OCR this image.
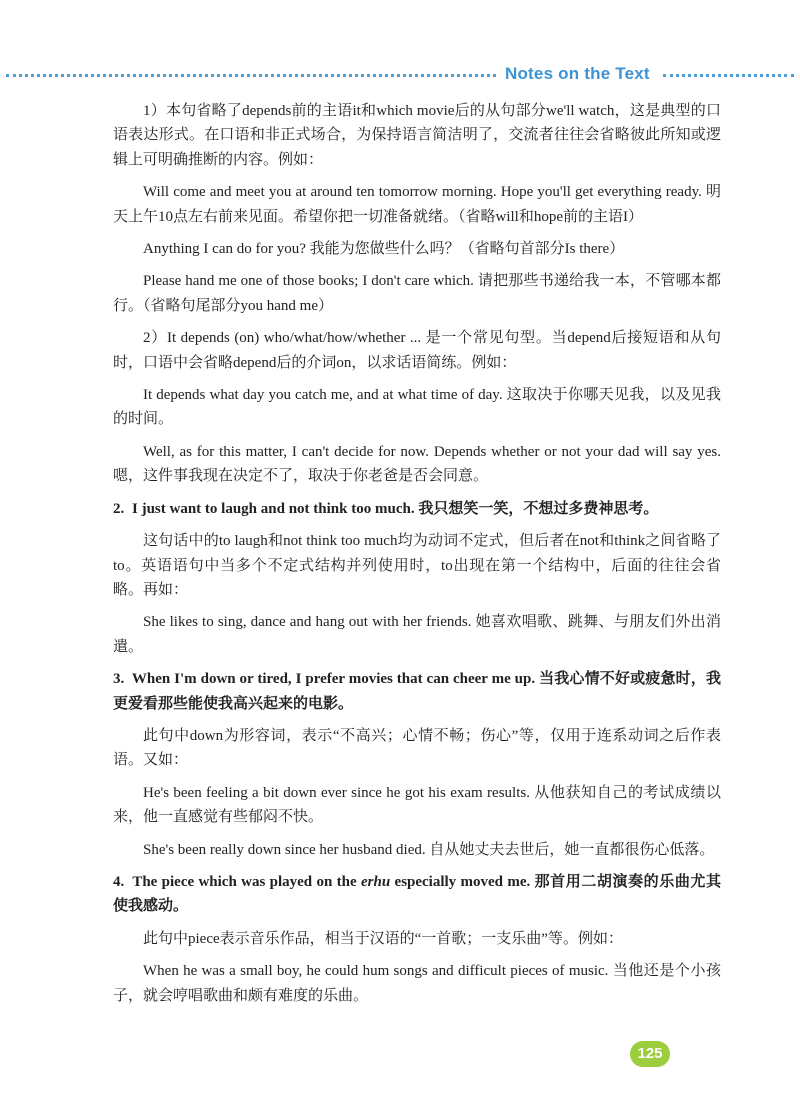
Notes on the Text

1）本句省略了depends前的主语it和which movie后的从句部分we'll watch，这是典型的口语表达形式。在口语和非正式场合，为保持语言简洁明了，交流者往往会省略彼此所知或逻辑上可明确推断的内容。例如：

Will come and meet you at around ten tomorrow morning. Hope you'll get everything ready. 明天上午10点左右前来见面。希望你把一切准备就绪。（省略will和hope前的主语I）

Anything I can do for you? 我能为您做些什么吗？（省略句首部分Is there）

Please hand me one of those books; I don't care which. 请把那些书递给我一本，不管哪本都行。（省略句尾部分you hand me）

2）It depends (on) who/what/how/whether ... 是一个常见句型。当depend后接短语和从句时，口语中会省略depend后的介词on，以求话语简练。例如：

It depends what day you catch me, and at what time of day. 这取决于你哪天见我，以及见我的时间。

Well, as for this matter, I can't decide for now. Depends whether or not your dad will say yes. 嗯，这件事我现在决定不了，取决于你老爸是否会同意。

2. I just want to laugh and not think too much. 我只想笑一笑，不想过多费神思考。

这句话中的to laugh和not think too much均为动词不定式，但后者在not和think之间省略了to。英语语句中当多个不定式结构并列使用时，to出现在第一个结构中，后面的往往会省略。再如：

She likes to sing, dance and hang out with her friends. 她喜欢唱歌、跳舞、与朋友们外出消遣。

3. When I'm down or tired, I prefer movies that can cheer me up. 当我心情不好或疲惫时，我更爱看那些能使我高兴起来的电影。

此句中down为形容词，表示“不高兴；心情不畅；伤心”等，仅用于连系动词之后作表语。又如：

He's been feeling a bit down ever since he got his exam results. 从他获知自己的考试成绩以来，他一直感觉有些郁闷不快。

She's been really down since her husband died. 自从她丈夫去世后，她一直都很伤心低落。

4. The piece which was played on the erhu especially moved me. 那首用二胡演奏的乐曲尤其使我感动。

此句中piece表示音乐作品，相当于汉语的“一首歌；一支乐曲”等。例如：

When he was a small boy, he could hum songs and difficult pieces of music. 当他还是个小孩子，就会哼唱歌曲和颇有难度的乐曲。

125
